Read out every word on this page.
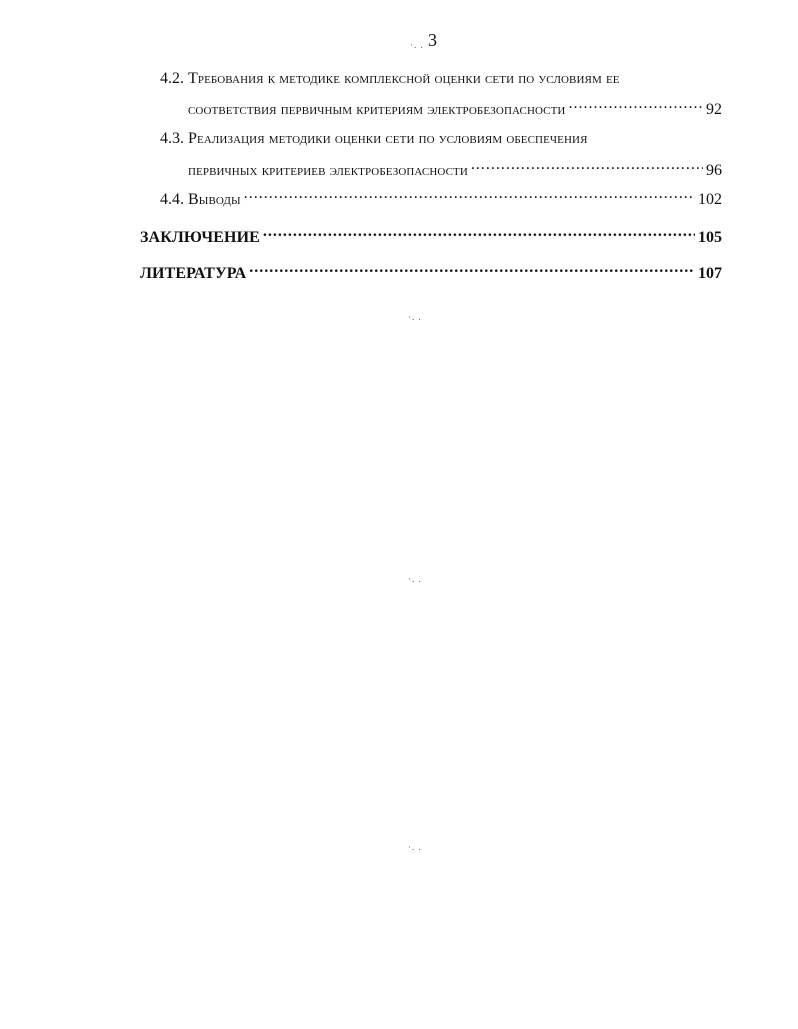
3
·. .
·. .
·. .
·. .
4.2. Требования к методике комплексной оценки сети по условиям ее
соответствия первичным критериям электробезопасности .....	92
4.3. Реализация методики оценки сети по условиям обеспечения
первичных критериев электробезопасности .....	96
4.4. Выводы .....	102
ЗАКЛЮЧЕНИЕ .....	105
ЛИТЕРАТУРА .....	107
